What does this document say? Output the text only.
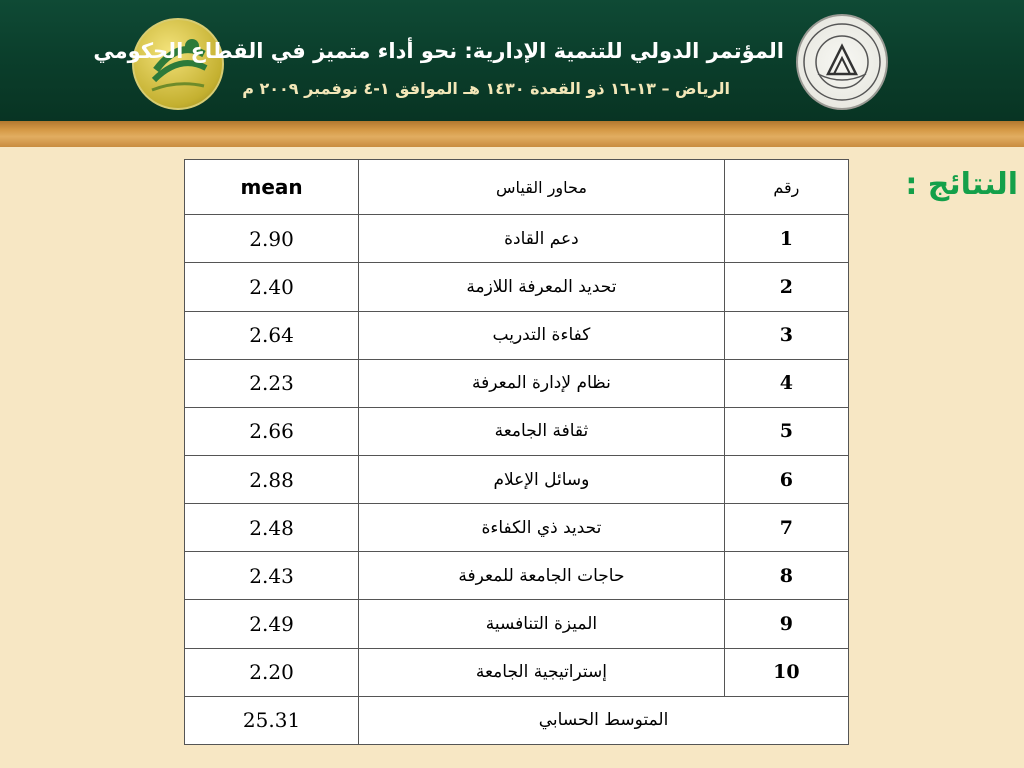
المؤتمر الدولي للتنمية الإدارية: نحو أداء متميز في القطاع الحكومي
الرياض – ١٣-١٦ ذو القعدة ١٤٣٠ هـ الموافق ١-٤ نوفمبر ٢٠٠٩ م
النتائج :
mean	محاور القياس	رقم
2.90	دعم القادة	1
2.40	تحديد المعرفة اللازمة	2
2.64	كفاءة التدريب	3
2.23	نظام لإدارة المعرفة	4
2.66	ثقافة الجامعة	5
2.88	وسائل الإعلام	6
2.48	تحديد ذي الكفاءة	7
2.43	حاجات الجامعة للمعرفة	8
2.49	الميزة التنافسية	9
2.20	إستراتيجية الجامعة	10
25.31	المتوسط الحسابي	
